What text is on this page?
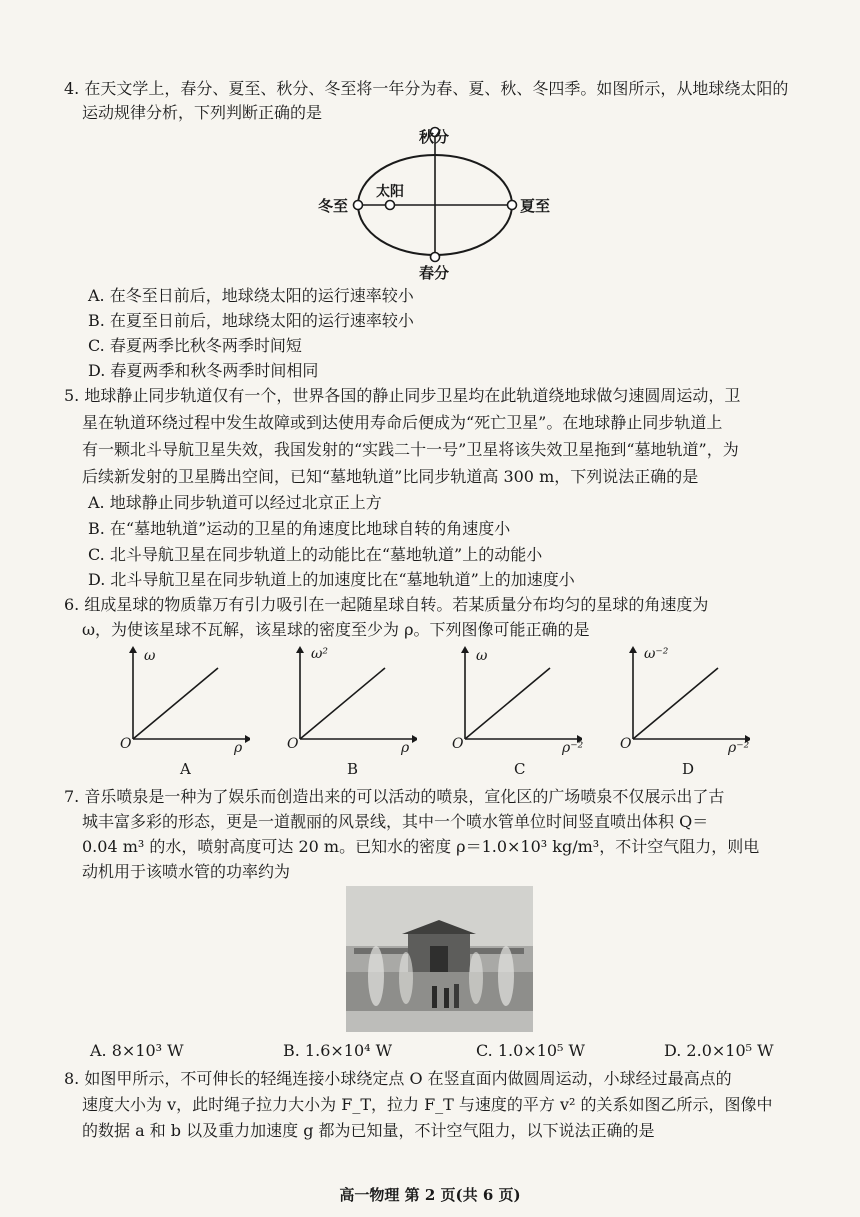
4. 在天文学上，春分、夏至、秋分、冬至将一年分为春、夏、秋、冬四季。如图所示，从地球绕太阳的
运动规律分析，下列判断正确的是
秋分
春分
冬至	夏至
太阳
A. 在冬至日前后，地球绕太阳的运行速率较小
B. 在夏至日前后，地球绕太阳的运行速率较小
C. 春夏两季比秋冬两季时间短
D. 春夏两季和秋冬两季时间相同
5. 地球静止同步轨道仅有一个，世界各国的静止同步卫星均在此轨道绕地球做匀速圆周运动，卫
星在轨道环绕过程中发生故障或到达使用寿命后便成为“死亡卫星”。在地球静止同步轨道上
有一颗北斗导航卫星失效，我国发射的“实践二十一号”卫星将该失效卫星拖到“墓地轨道”，为
后续新发射的卫星腾出空间，已知“墓地轨道”比同步轨道高 300 m，下列说法正确的是
A. 地球静止同步轨道可以经过北京正上方
B. 在“墓地轨道”运动的卫星的角速度比地球自转的角速度小
C. 北斗导航卫星在同步轨道上的动能比在“墓地轨道”上的动能小
D. 北斗导航卫星在同步轨道上的加速度比在“墓地轨道”上的加速度小
6. 组成星球的物质靠万有引力吸引在一起随星球自转。若某质量分布均匀的星球的角速度为
ω，为使该星球不瓦解，该星球的密度至少为 ρ。下列图像可能正确的是
ω
ρ
O
A
ω²
ρ
O
B
ω
ρ⁻²
O
C
ω⁻²
ρ⁻²
O
D
7. 音乐喷泉是一种为了娱乐而创造出来的可以活动的喷泉，宣化区的广场喷泉不仅展示出了古
城丰富多彩的形态，更是一道靓丽的风景线，其中一个喷水管单位时间竖直喷出体积 Q＝
0.04 m³ 的水，喷射高度可达 20 m。已知水的密度 ρ＝1.0×10³ kg/m³，不计空气阻力，则电
动机用于该喷水管的功率约为
A. 8×10³ W	B. 1.6×10⁴ W	C. 1.0×10⁵ W	D. 2.0×10⁵ W
8. 如图甲所示，不可伸长的轻绳连接小球绕定点 O 在竖直面内做圆周运动，小球经过最高点的
速度大小为 v，此时绳子拉力大小为 F_T，拉力 F_T 与速度的平方 v² 的关系如图乙所示，图像中
的数据 a 和 b 以及重力加速度 g 都为已知量，不计空气阻力，以下说法正确的是
高一物理 第 2 页(共 6 页)
